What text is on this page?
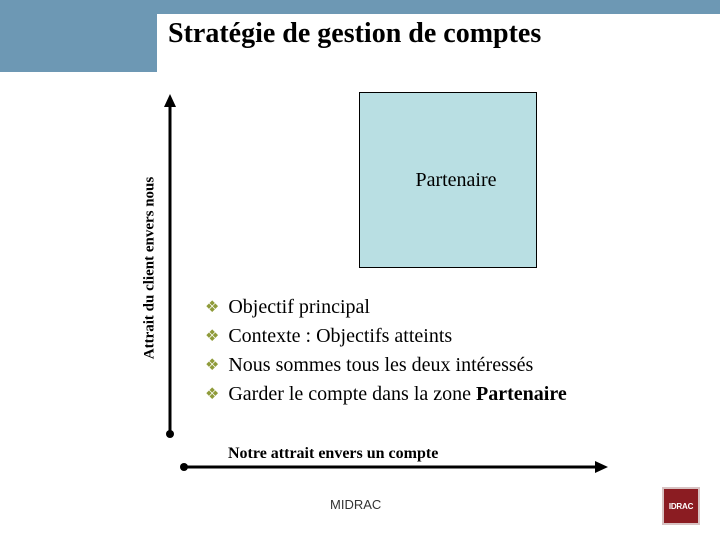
Stratégie de gestion de comptes
Attrait du client envers nous	Partenaire
❖ Objectif principal
❖ Contexte : Objectifs atteints
❖ Nous sommes tous les deux intéressés
❖ Garder le compte dans la zone Partenaire
Notre attrait envers un compte
MIDRAC	IDRAC
